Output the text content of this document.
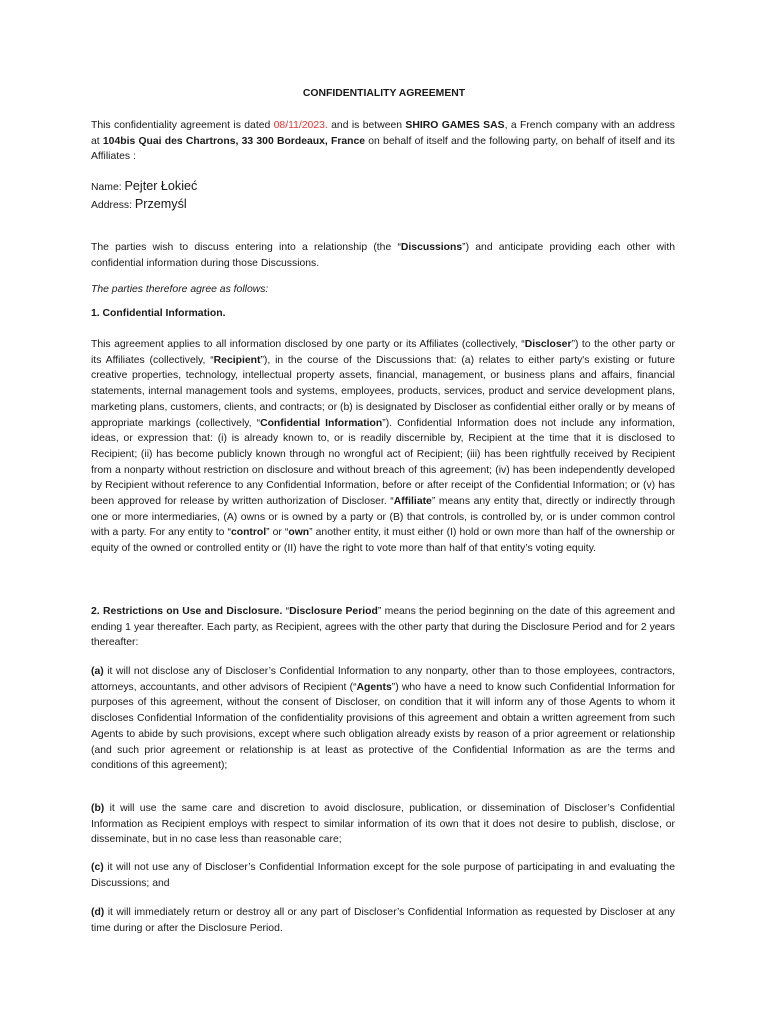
CONFIDENTIALITY AGREEMENT

This confidentiality agreement is dated 08/11/2023. and is between SHIRO GAMES SAS, a French company with an address at 104bis Quai des Chartrons, 33 300 Bordeaux, France on behalf of itself and the following party, on behalf of itself and its Affiliates :

Name: Pejter Łokieć

Address: Przemyśl

The parties wish to discuss entering into a relationship (the “Discussions”) and anticipate providing each other with confidential information during those Discussions.

The parties therefore agree as follows:

1. Confidential Information.

This agreement applies to all information disclosed by one party or its Affiliates (collectively, “Discloser”) to the other party or its Affiliates (collectively, “Recipient”), in the course of the Discussions that: (a) relates to either party's existing or future creative properties, technology, intellectual property assets, financial, management, or business plans and affairs, financial statements, internal management tools and systems, employees, products, services, product and service development plans, marketing plans, customers, clients, and contracts; or (b) is designated by Discloser as confidential either orally or by means of appropriate markings (collectively, “Confidential Information”). Confidential Information does not include any information, ideas, or expression that: (i) is already known to, or is readily discernible by, Recipient at the time that it is disclosed to Recipient; (ii) has become publicly known through no wrongful act of Recipient; (iii) has been rightfully received by Recipient from a nonparty without restriction on disclosure and without breach of this agreement; (iv) has been independently developed by Recipient without reference to any Confidential Information, before or after receipt of the Confidential Information; or (v) has been approved for release by written authorization of Discloser. “Affiliate” means any entity that, directly or indirectly through one or more intermediaries, (A) owns or is owned by a party or (B) that controls, is controlled by, or is under common control with a party. For any entity to “control” or “own” another entity, it must either (I) hold or own more than half of the ownership or equity of the owned or controlled entity or (II) have the right to vote more than half of that entity’s voting equity.

2. Restrictions on Use and Disclosure. “Disclosure Period” means the period beginning on the date of this agreement and ending 1 year thereafter. Each party, as Recipient, agrees with the other party that during the Disclosure Period and for 2 years thereafter:

(a) it will not disclose any of Discloser’s Confidential Information to any nonparty, other than to those employees, contractors, attorneys, accountants, and other advisors of Recipient (“Agents”) who have a need to know such Confidential Information for purposes of this agreement, without the consent of Discloser, on condition that it will inform any of those Agents to whom it discloses Confidential Information of the confidentiality provisions of this agreement and obtain a written agreement from such Agents to abide by such provisions, except where such obligation already exists by reason of a prior agreement or relationship (and such prior agreement or relationship is at least as protective of the Confidential Information as are the terms and conditions of this agreement);

(b) it will use the same care and discretion to avoid disclosure, publication, or dissemination of Discloser’s Confidential Information as Recipient employs with respect to similar information of its own that it does not desire to publish, disclose, or disseminate, but in no case less than reasonable care;

(c) it will not use any of Discloser’s Confidential Information except for the sole purpose of participating in and evaluating the Discussions; and

(d) it will immediately return or destroy all or any part of Discloser’s Confidential Information as requested by Discloser at any time during or after the Disclosure Period.
